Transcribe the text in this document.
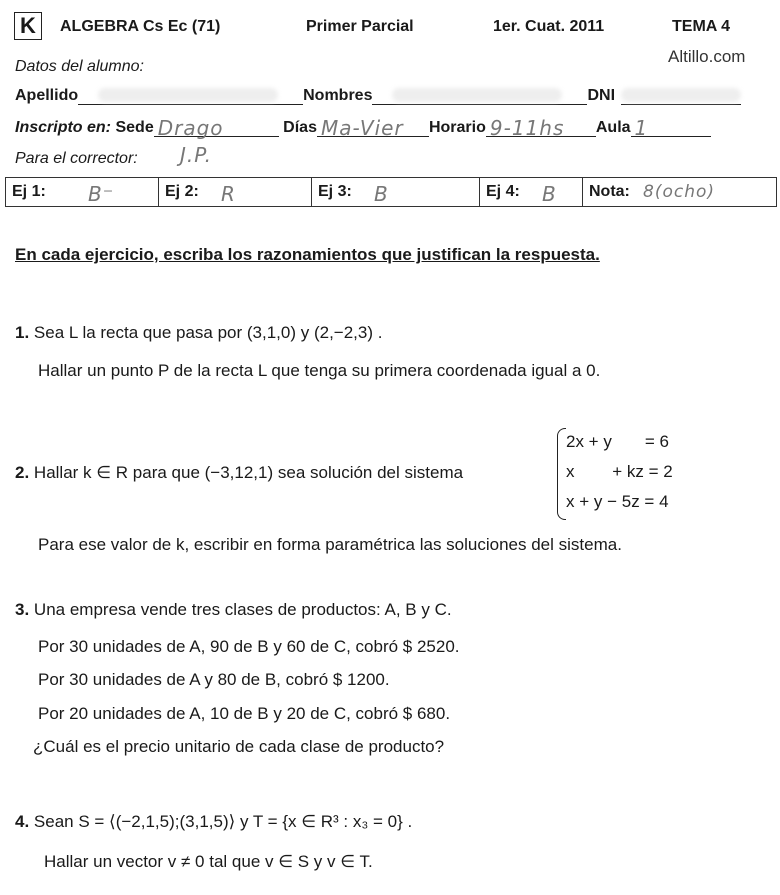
K	ALGEBRA Cs Ec (71)	Primer Parcial	1er. Cuat. 2011	TEMA 4
Altillo.com
Datos del alumno:
Apellido	Nombres	DNI
Inscripto en: Sede Drago	Días Ma-Vier Horario 9-11hs Aula 1
Para el corrector: J.P.
Ej 1: B⁻	Ej 2: R	Ej 3: B	Ej 4: B	Nota: 8(ocho)
En cada ejercicio, escriba los razonamientos que justifican la respuesta.
1. Sea L la recta que pasa por (3,1,0) y (2,−2,3) .
Hallar un punto P de la recta L que tenga su primera coordenada igual a 0.
2. Hallar k ∈ R para que (−3,12,1) sea solución del sistema
2x + y       = 6
x        + kz = 2
x + y − 5z = 4
Para ese valor de k, escribir en forma paramétrica las soluciones del sistema.
3. Una empresa vende tres clases de productos: A, B y C.
Por 30 unidades de A, 90 de B y 60 de C, cobró $ 2520.
Por 30 unidades de A y 80 de B, cobró $ 1200.
Por 20 unidades de A, 10 de B y 20 de C, cobró $ 680.
¿Cuál es el precio unitario de cada clase de producto?
4. Sean S = ⟨(−2,1,5);(3,1,5)⟩ y T = {x ∈ R³ : x₃ = 0} .
Hallar un vector v ≠ 0 tal que v ∈ S y v ∈ T.
